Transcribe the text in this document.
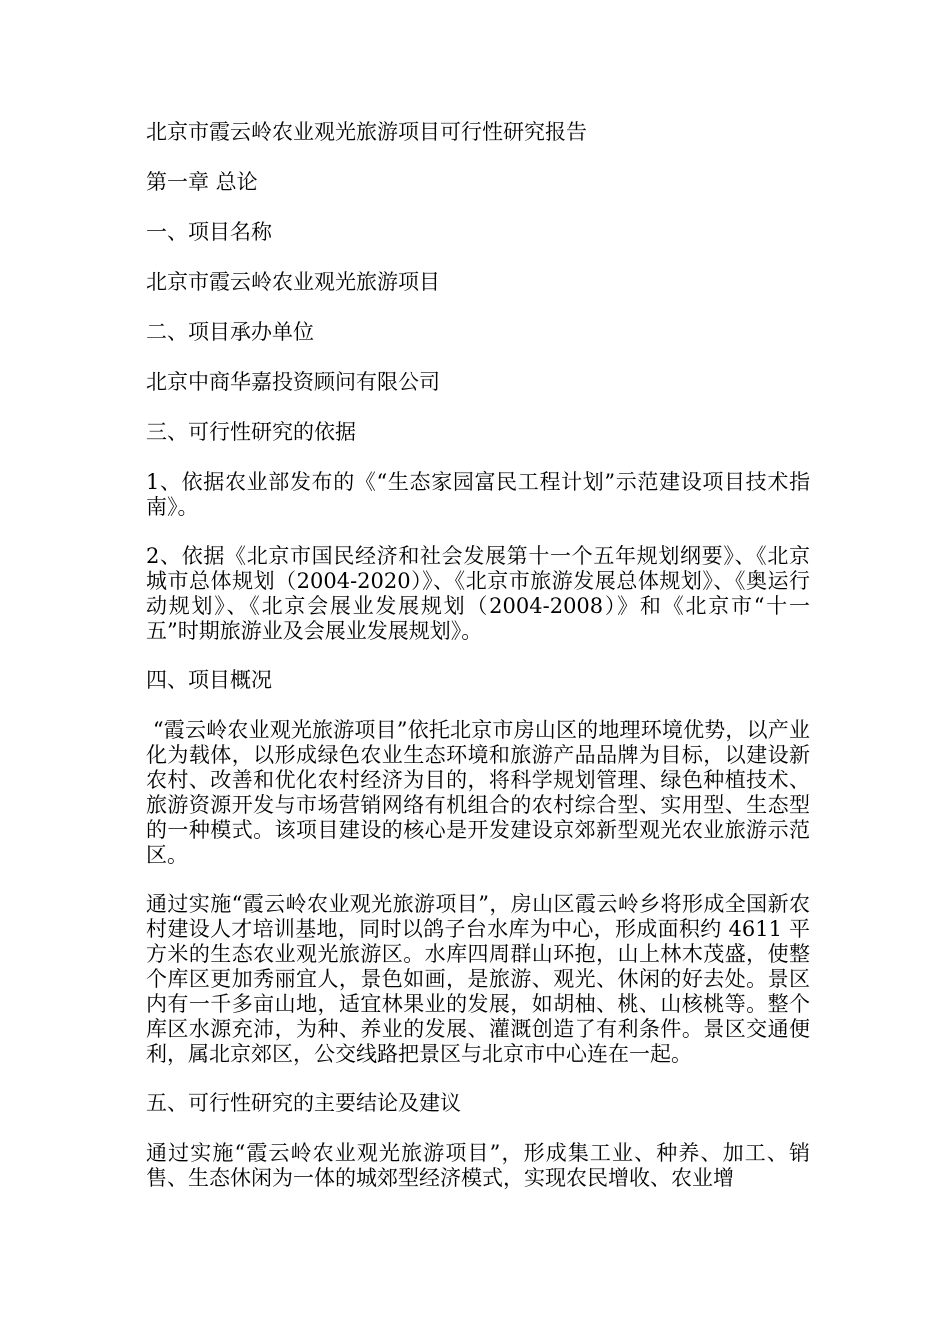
北京市霞云岭农业观光旅游项目可行性研究报告

第一章 总论

一、项目名称

北京市霞云岭农业观光旅游项目

二、项目承办单位

北京中商华嘉投资顾问有限公司

三、可行性研究的依据

1、依据农业部发布的《“生态家园富民工程计划”示范建设项目技术指南》。

2、依据《北京市国民经济和社会发展第十一个五年规划纲要》、《北京城市总体规划（2004-2020）》、《北京市旅游发展总体规划》、《奥运行动规划》、《北京会展业发展规划（2004-2008）》和《北京市“十一五”时期旅游业及会展业发展规划》。

四、项目概况

“霞云岭农业观光旅游项目”依托北京市房山区的地理环境优势，以产业化为载体，以形成绿色农业生态环境和旅游产品品牌为目标，以建设新农村、改善和优化农村经济为目的，将科学规划管理、绿色种植技术、旅游资源开发与市场营销网络有机组合的农村综合型、实用型、生态型的一种模式。该项目建设的核心是开发建设京郊新型观光农业旅游示范区。

通过实施“霞云岭农业观光旅游项目”，房山区霞云岭乡将形成全国新农村建设人才培训基地，同时以鸽子台水库为中心，形成面积约 4611 平方米的生态农业观光旅游区。水库四周群山环抱，山上林木茂盛，使整个库区更加秀丽宜人，景色如画，是旅游、观光、休闲的好去处。景区内有一千多亩山地，适宜林果业的发展，如胡柚、桃、山核桃等。整个库区水源充沛，为种、养业的发展、灌溉创造了有利条件。景区交通便利，属北京郊区，公交线路把景区与北京市中心连在一起。

五、可行性研究的主要结论及建议

通过实施“霞云岭农业观光旅游项目”，形成集工业、种养、加工、销售、生态休闲为一体的城郊型经济模式，实现农民增收、农业增
